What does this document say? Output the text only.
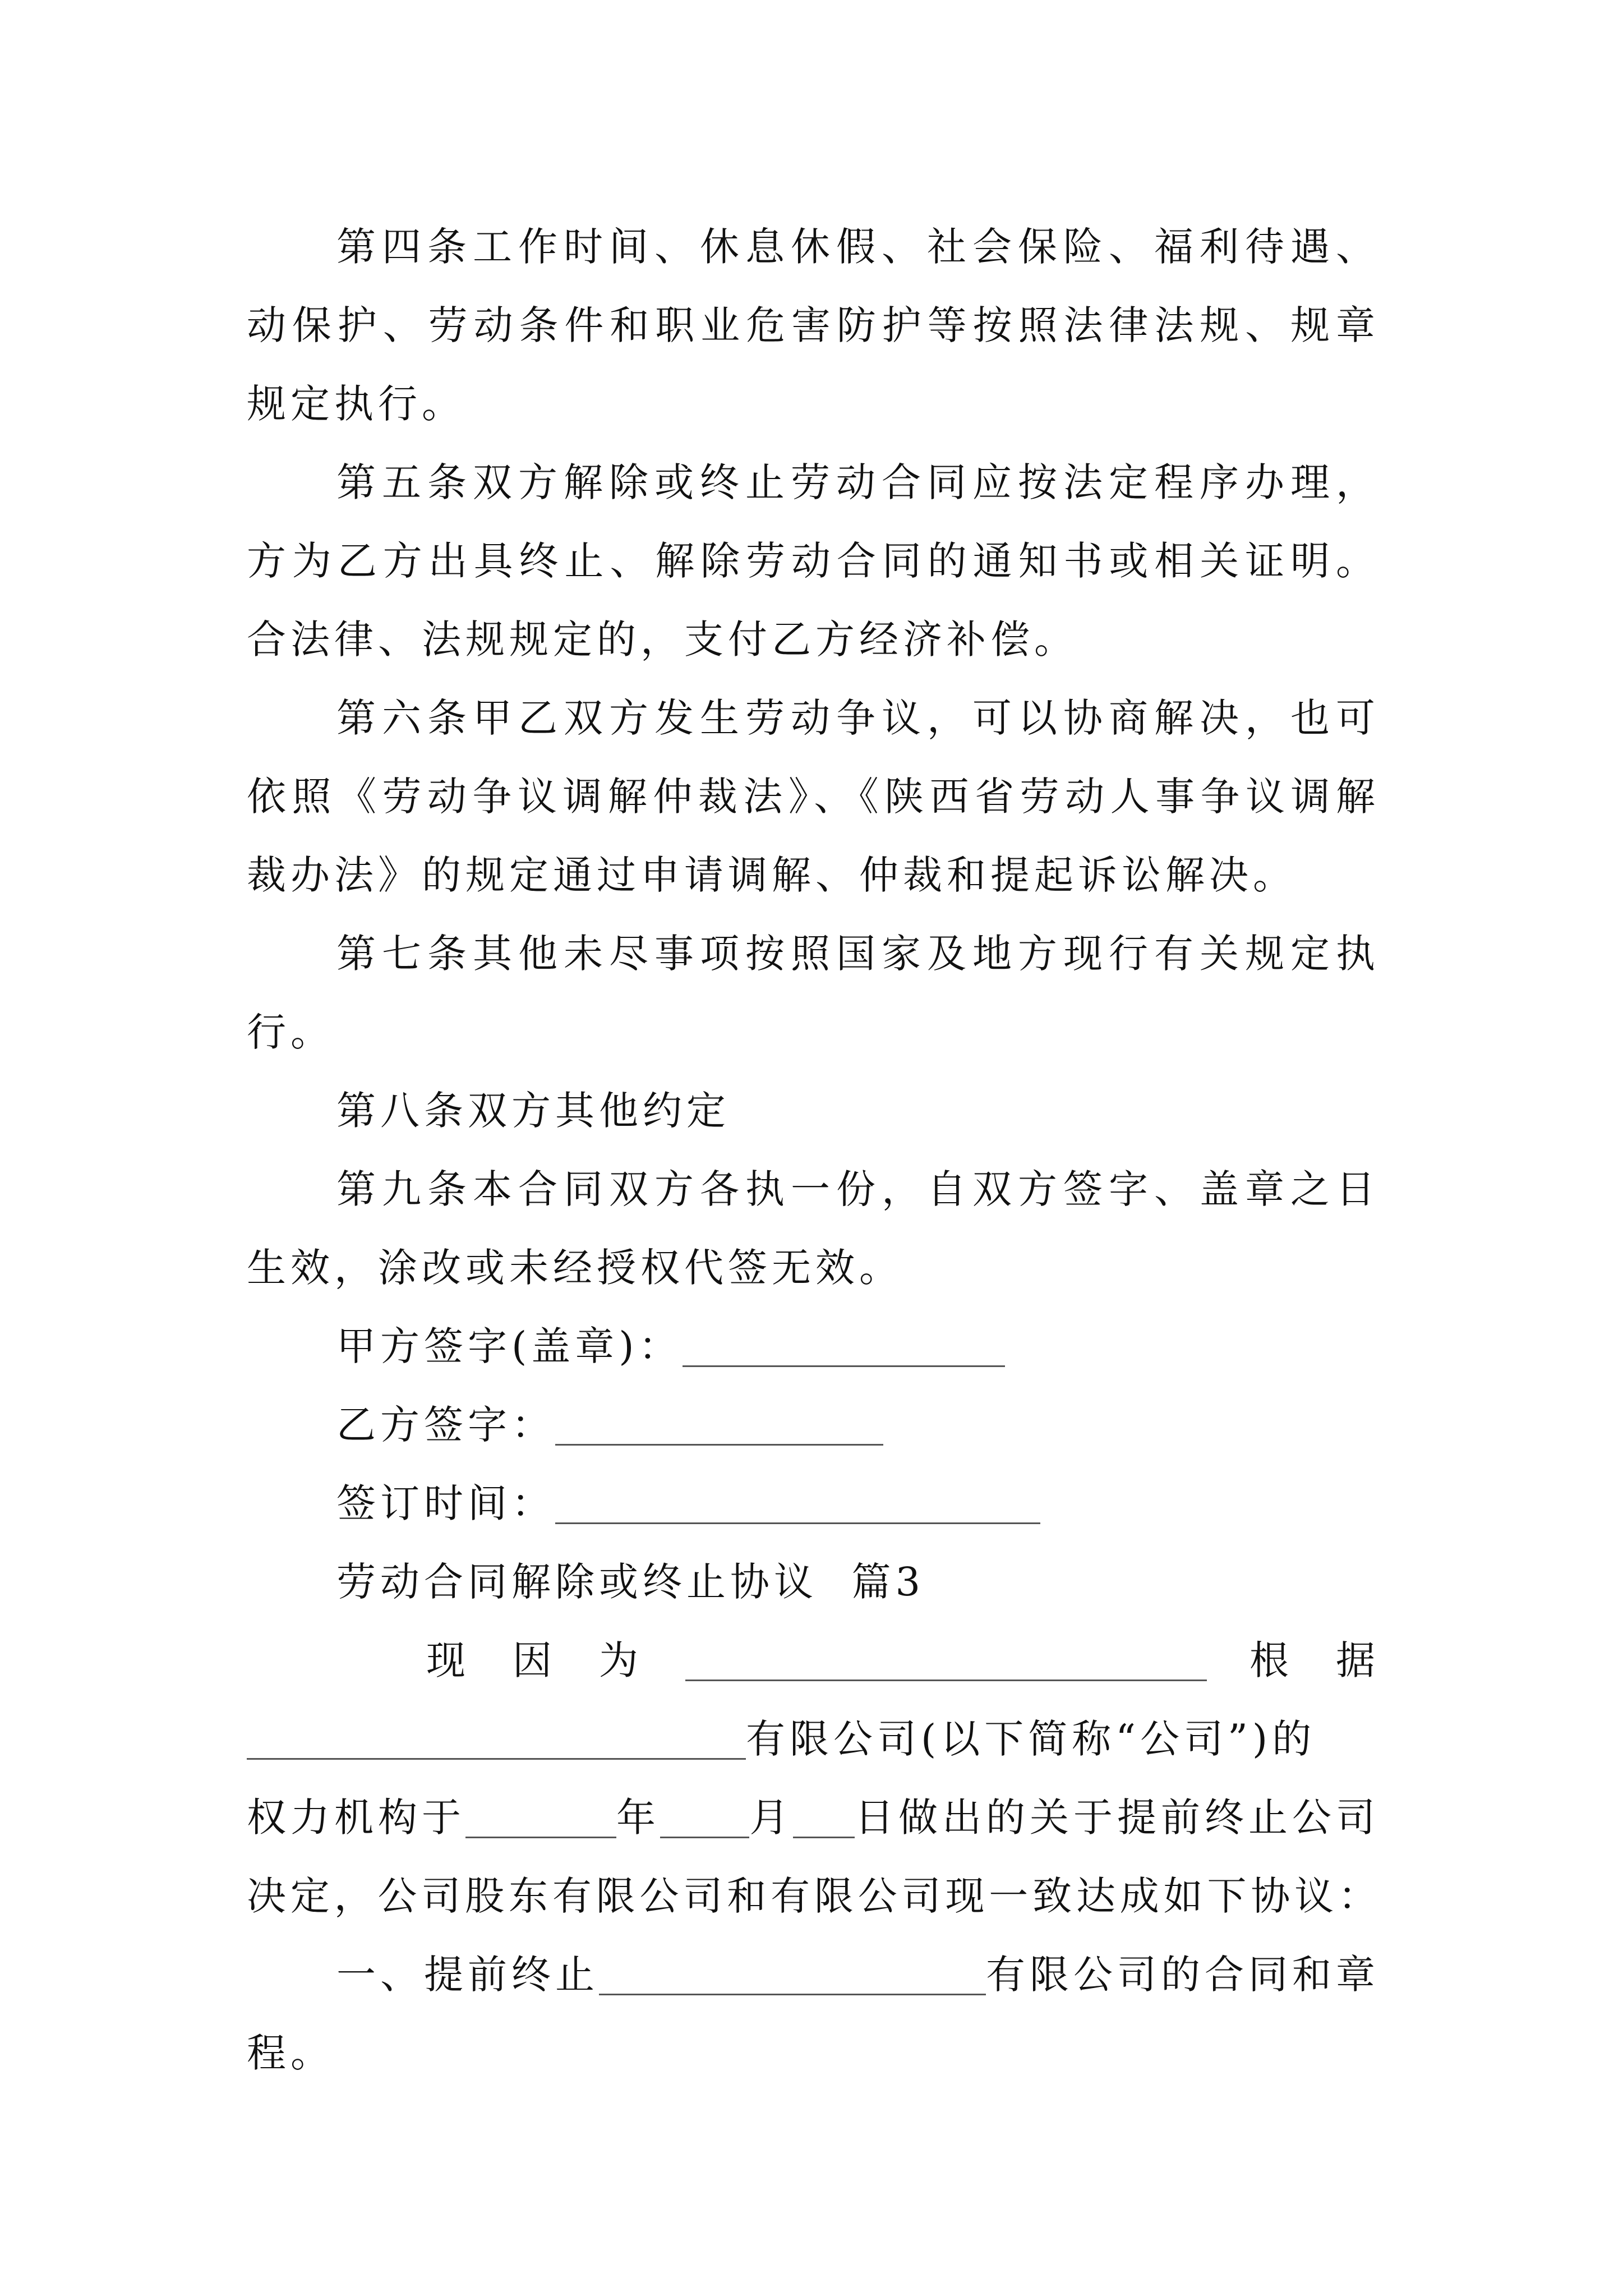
第四条工作时间、休息休假、社会保险、福利待遇、
动保护、劳动条件和职业危害防护等按照法律法规、规章
规定执行。
第五条双方解除或终止劳动合同应按法定程序办理，
方为乙方出具终止、解除劳动合同的通知书或相关证明。
合法律、法规规定的，支付乙方经济补偿。
第六条甲乙双方发生劳动争议，可以协商解决，也可
依照《劳动争议调解仲裁法》、《陕西省劳动人事争议调解
裁办法》的规定通过申请调解、仲裁和提起诉讼解决。
第七条其他未尽事项按照国家及地方现行有关规定执
行。
第八条双方其他约定
第九条本合同双方各执一份，自双方签字、盖章之日
生效，涂改或未经授权代签无效。
甲方签字(盖章)：
乙方签字：
签订时间：
劳动合同解除或终止协议  篇3
现 因 为	根 据
有限公司(以下简称“公司”)的
权力机构于	年 月 日做出的关于提前终止公司
决定，公司股东有限公司和有限公司现一致达成如下协议：
一、提前终止	有限公司的合同和章
程。
